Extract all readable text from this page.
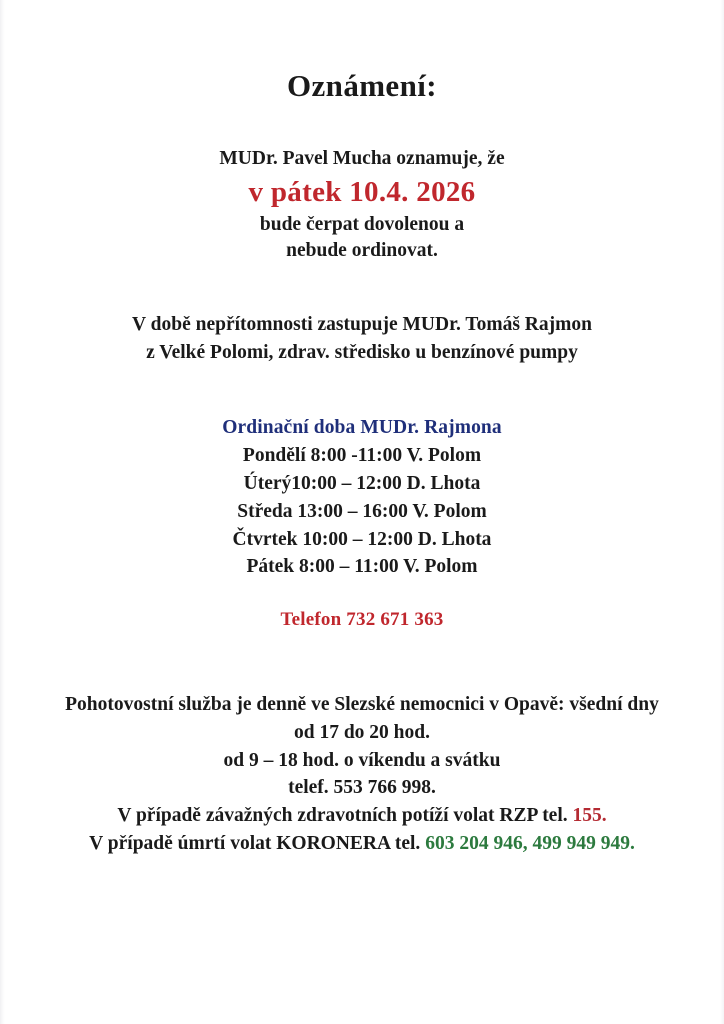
Oznámení:
MUDr. Pavel Mucha oznamuje, že
v pátek 10.4. 2026
bude čerpat dovolenou a
nebude ordinovat.
V době nepřítomnosti zastupuje MUDr. Tomáš Rajmon
z Velké Polomi, zdrav. středisko u benzínové pumpy
Ordinační doba MUDr. Rajmona
Pondělí 8:00 -11:00 V. Polom
Úterý10:00 – 12:00 D. Lhota
Středa 13:00 – 16:00 V. Polom
Čtvrtek 10:00 – 12:00 D. Lhota
Pátek 8:00 – 11:00 V. Polom
Telefon 732 671 363
Pohotovostní služba je denně ve Slezské nemocnici v Opavě: všední dny
od 17 do 20 hod.
od 9 – 18 hod. o víkendu a svátku
telef. 553 766 998.
V případě závažných zdravotních potíží volat RZP tel. 155.
V případě úmrtí volat KORONERA tel. 603 204 946, 499 949 949.
